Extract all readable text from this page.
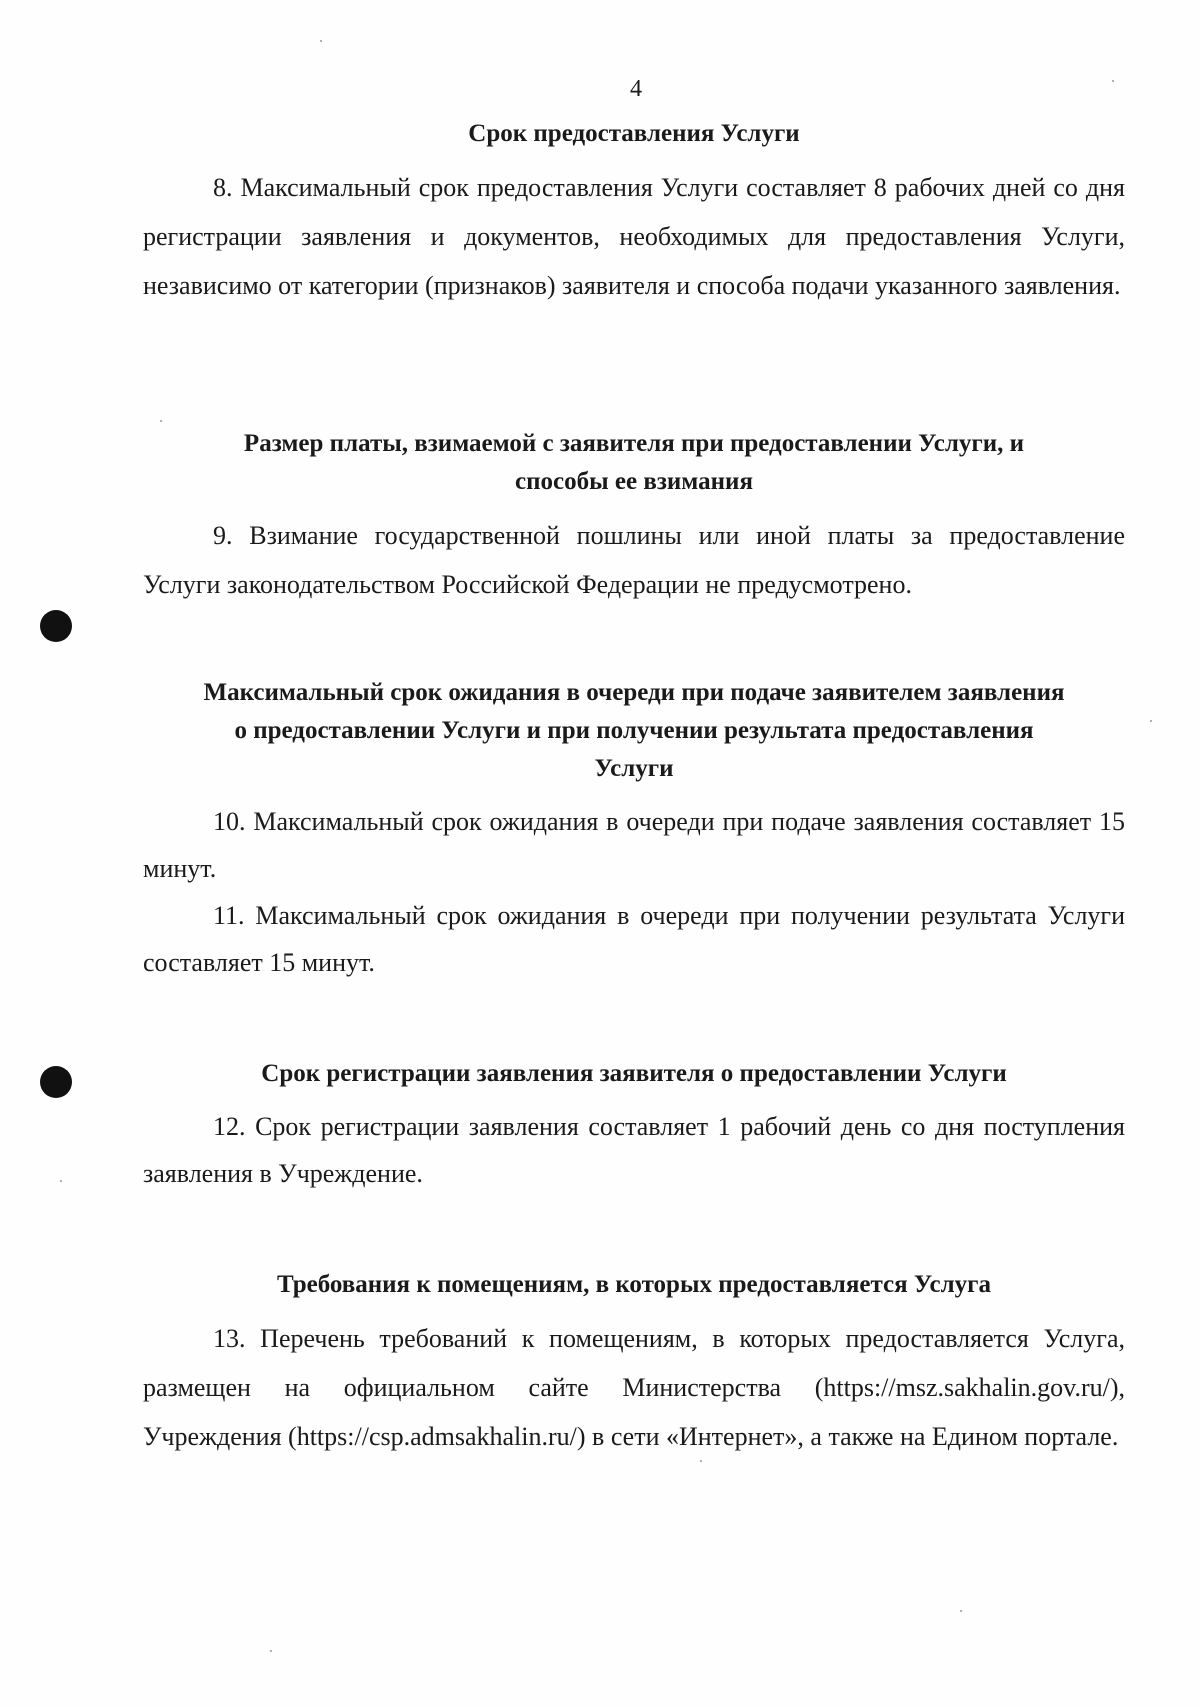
4
Срок предоставления Услуги

8. Максимальный срок предоставления Услуги составляет 8 рабочих дней со дня регистрации заявления и документов, необходимых для предоставления Услуги, независимо от категории (признаков) заявителя и способа подачи указанного заявления.

Размер платы, взимаемой с заявителя при предоставлении Услуги, и
способы ее взимания

9. Взимание государственной пошлины или иной платы за предоставление Услуги законодательством Российской Федерации не предусмотрено.

Максимальный срок ожидания в очереди при подаче заявителем заявления
о предоставлении Услуги и при получении результата предоставления
Услуги

10. Максимальный срок ожидания в очереди при подаче заявления составляет 15 минут.

11. Максимальный срок ожидания в очереди при получении результата Услуги составляет 15 минут.

Срок регистрации заявления заявителя о предоставлении Услуги

12. Срок регистрации заявления составляет 1 рабочий день со дня поступления заявления в Учреждение.

Требования к помещениям, в которых предоставляется Услуга

13. Перечень требований к помещениям, в которых предоставляется Услуга, размещен на официальном сайте Министерства (https://msz.sakhalin.gov.ru/), Учреждения (https://csp.admsakhalin.ru/) в сети «Интернет», а также на Едином портале.
